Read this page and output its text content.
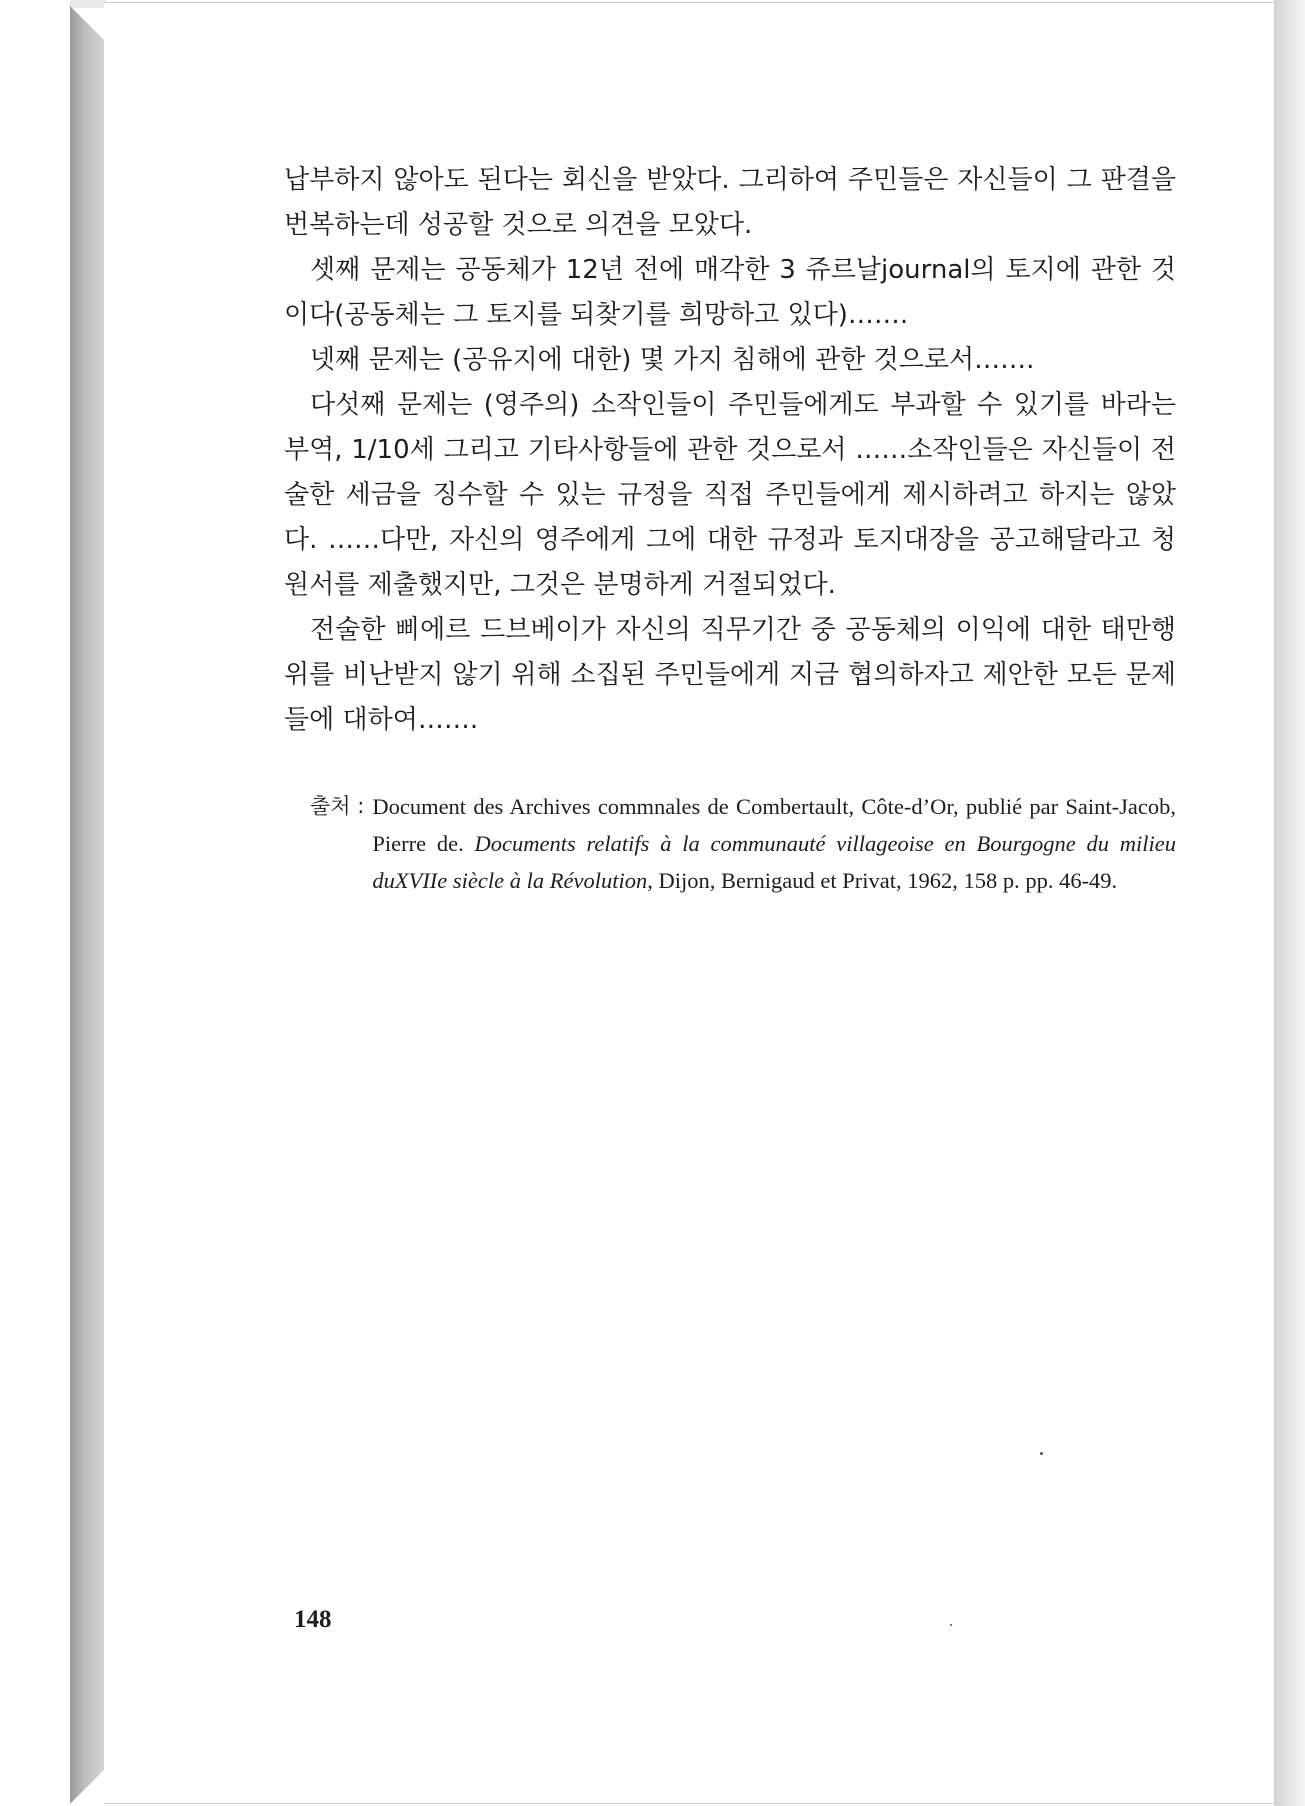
납부하지 않아도 된다는 회신을 받았다. 그리하여 주민들은 자신들이 그 판결을 번복하는데 성공할 것으로 의견을 모았다.

셋째 문제는 공동체가 12년 전에 매각한 3 쥬르날journal의 토지에 관한 것이다(공동체는 그 토지를 되찾기를 희망하고 있다)…….

넷째 문제는 (공유지에 대한) 몇 가지 침해에 관한 것으로서…….

다섯째 문제는 (영주의) 소작인들이 주민들에게도 부과할 수 있기를 바라는 부역, 1/10세 그리고 기타사항들에 관한 것으로서 ……소작인들은 자신들이 전술한 세금을 징수할 수 있는 규정을 직접 주민들에게 제시하려고 하지는 않았다. ……다만, 자신의 영주에게 그에 대한 규정과 토지대장을 공고해달라고 청원서를 제출했지만, 그것은 분명하게 거절되었다.

전술한 삐에르 드브베이가 자신의 직무기간 중 공동체의 이익에 대한 태만행위를 비난받지 않기 위해 소집된 주민들에게 지금 협의하자고 제안한 모든 문제들에 대하여…….

출처 : Document des Archives commnales de Combertault, Côte-d’Or, publié par Saint-Jacob, Pierre de. Documents relatifs à la communauté villageoise en Bourgogne du milieu duXVIIe siècle à la Révolution, Dijon, Bernigaud et Privat, 1962, 158 p. pp. 46-49.
148
